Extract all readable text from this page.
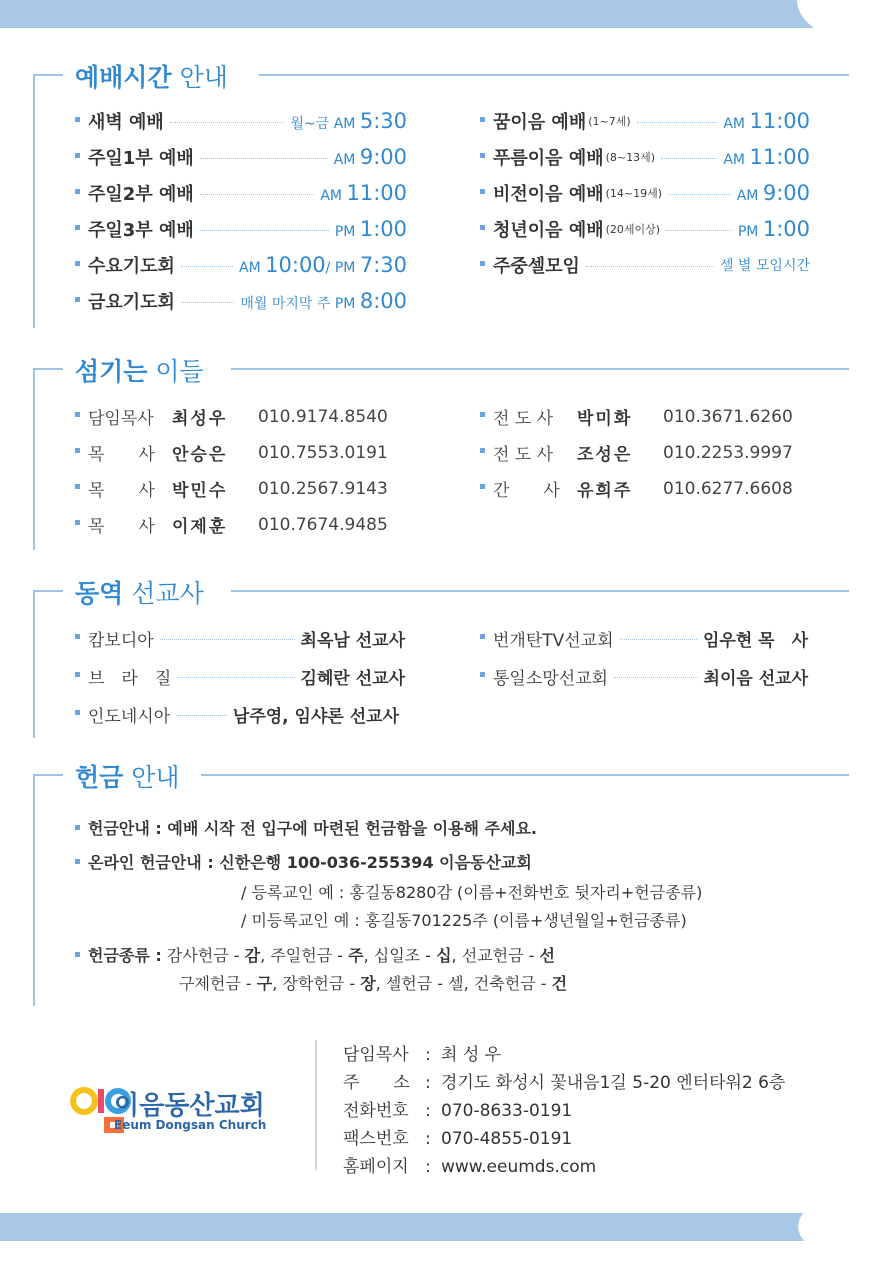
예배시간 안내
새벽 예배	월~금 AM 5:30
주일1부 예배	AM 9:00
주일2부 예배	AM 11:00
주일3부 예배	PM 1:00
수요기도회	AM 10:00/ PM 7:30
금요기도회	매월 마지막 주 PM 8:00
꿈이음 예배 (1~7세)	AM 11:00
푸름이음 예배 (8~13세)	AM 11:00
비전이음 예배 (14~19세)	AM 9:00
청년이음 예배 (20세이상)	PM 1:00
주중셀모임	셀 별 모임시간
섬기는 이들
담임목사	최성우	010.9174.8540
목　　사	안승은	010.7553.0191
목　　사	박민수	010.2567.9143
목　　사	이제훈	010.7674.9485
전 도 사	박미화	010.3671.6260
전 도 사	조성은	010.2253.9997
간　　사	유희주	010.6277.6608
동역 선교사
캄보디아	최옥남 선교사
브　라　질	김혜란 선교사
인도네시아	남주영, 임샤론 선교사
번개탄TV선교회	임우현 목　사
통일소망선교회	최이음 선교사
헌금 안내
헌금안내 : 예배 시작 전 입구에 마련된 헌금함을 이용해 주세요.
온라인 헌금안내 : 신한은행 100-036-255394 이음동산교회
/ 등록교인 예 : 홍길동8280감 (이름+전화번호 뒷자리+헌금종류)
/ 미등록교인 예 : 홍길동701225주 (이름+생년월일+헌금종류)
헌금종류 : 감사헌금 - 감, 주일헌금 - 주, 십일조 - 십, 선교헌금 - 선
구제헌금 - 구, 장학헌금 - 장, 셀헌금 - 셀, 건축헌금 - 건
이음동산교회
Eeum Dongsan Church
담임목사 : 최 성 우
주　　소 : 경기도 화성시 꽃내음1길 5-20 엔터타워2 6층
전화번호 : 070-8633-0191
팩스번호 : 070-4855-0191
홈페이지 : www.eeumds.com
